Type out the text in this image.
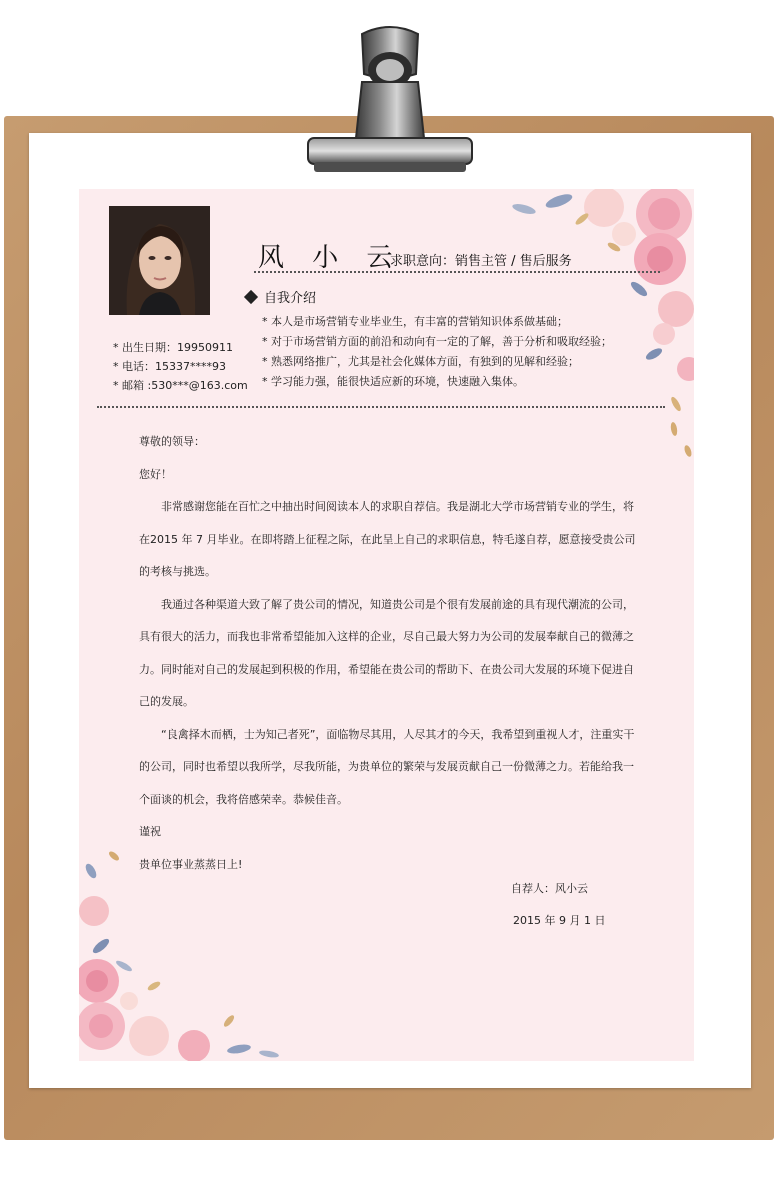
风 小 云
求职意向：销售主管 / 售后服务
自我介绍
* 本人是市场营销专业毕业生，有丰富的营销知识体系做基础；
* 对于市场营销方面的前沿和动向有一定的了解，善于分析和吸取经验；
* 熟悉网络推广，尤其是社会化媒体方面，有独到的见解和经验；
* 学习能力强，能很快适应新的环境，快速融入集体。
* 出生日期：19950911
* 电话：15337****93
* 邮箱 :530***@163.com

尊敬的领导：

您好！

非常感谢您能在百忙之中抽出时间阅读本人的求职自荐信。我是湖北大学市场营销专业的学生，将在2015 年 7 月毕业。在即将踏上征程之际，在此呈上自己的求职信息，特毛遂自荐，愿意接受贵公司的考核与挑选。

我通过各种渠道大致了解了贵公司的情况，知道贵公司是个很有发展前途的具有现代潮流的公司，具有很大的活力，而我也非常希望能加入这样的企业，尽自己最大努力为公司的发展奉献自己的微薄之力。同时能对自己的发展起到积极的作用，希望能在贵公司的帮助下、在贵公司大发展的环境下促进自己的发展。

“良禽择木而栖，士为知己者死”，面临物尽其用，人尽其才的今天，我希望到重视人才，注重实干的公司，同时也希望以我所学，尽我所能，为贵单位的繁荣与发展贡献自己一份微薄之力。若能给我一个面谈的机会，我将倍感荣幸。恭候佳音。

谨祝

贵单位事业蒸蒸日上!

自荐人：风小云
2015 年 9 月 1 日
